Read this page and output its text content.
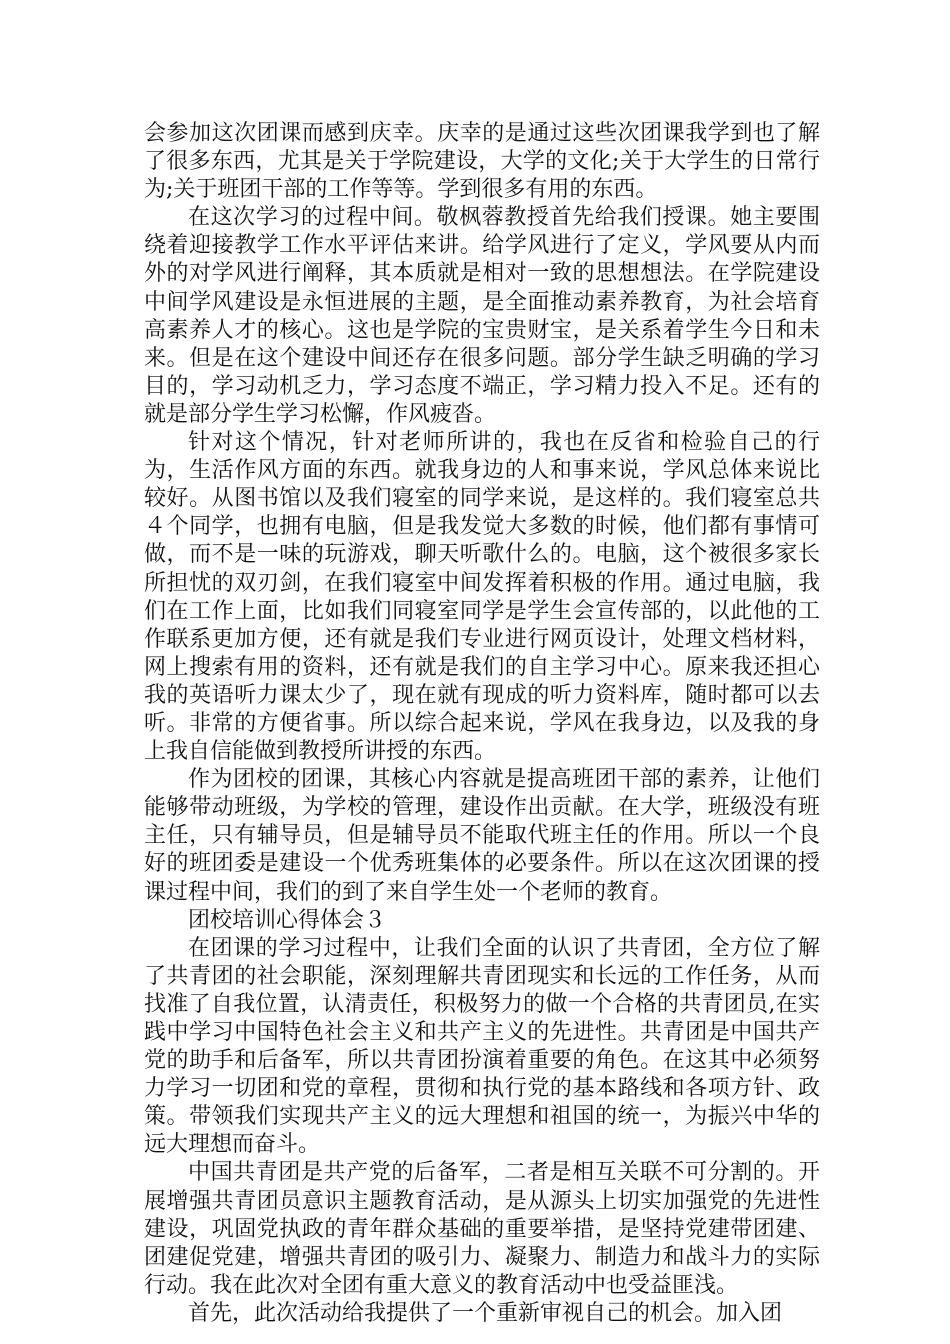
会参加这次团课而感到庆幸。庆幸的是通过这些次团课我学到也了解了很多东西，尤其是关于学院建设，大学的文化;关于大学生的日常行为;关于班团干部的工作等等。学到很多有用的东西。

在这次学习的过程中间。敬枫蓉教授首先给我们授课。她主要围绕着迎接教学工作水平评估来讲。给学风进行了定义，学风要从内而外的对学风进行阐释，其本质就是相对一致的思想想法。在学院建设中间学风建设是永恒进展的主题，是全面推动素养教育，为社会培育高素养人才的核心。这也是学院的宝贵财宝，是关系着学生今日和未来。但是在这个建设中间还存在很多问题。部分学生缺乏明确的学习目的，学习动机乏力，学习态度不端正，学习精力投入不足。还有的就是部分学生学习松懈，作风疲沓。

针对这个情况，针对老师所讲的，我也在反省和检验自己的行为，生活作风方面的东西。就我身边的人和事来说，学风总体来说比较好。从图书馆以及我们寝室的同学来说，是这样的。我们寝室总共４个同学，也拥有电脑，但是我发觉大多数的时候，他们都有事情可做，而不是一味的玩游戏，聊天听歌什么的。电脑，这个被很多家长所担忧的双刃剑，在我们寝室中间发挥着积极的作用。通过电脑，我们在工作上面，比如我们同寝室同学是学生会宣传部的，以此他的工作联系更加方便，还有就是我们专业进行网页设计，处理文档材料，网上搜索有用的资料，还有就是我们的自主学习中心。原来我还担心我的英语听力课太少了，现在就有现成的听力资料库，随时都可以去听。非常的方便省事。所以综合起来说，学风在我身边，以及我的身上我自信能做到教授所讲授的东西。

作为团校的团课，其核心内容就是提高班团干部的素养，让他们能够带动班级，为学校的管理，建设作出贡献。在大学，班级没有班主任，只有辅导员，但是辅导员不能取代班主任的作用。所以一个良好的班团委是建设一个优秀班集体的必要条件。所以在这次团课的授课过程中间，我们的到了来自学生处一个老师的教育。

团校培训心得体会３

在团课的学习过程中，让我们全面的认识了共青团，全方位了解了共青团的社会职能，深刻理解共青团现实和长远的工作任务，从而找准了自我位置，认清责任，积极努力的做一个合格的共青团员,在实践中学习中国特色社会主义和共产主义的先进性。共青团是中国共产党的助手和后备军，所以共青团扮演着重要的角色。在这其中必须努力学习一切团和党的章程，贯彻和执行党的基本路线和各项方针、政策。带领我们实现共产主义的远大理想和祖国的统一，为振兴中华的远大理想而奋斗。

中国共青团是共产党的后备军，二者是相互关联不可分割的。开展增强共青团员意识主题教育活动，是从源头上切实加强党的先进性建设，巩固党执政的青年群众基础的重要举措，是坚持党建带团建、团建促党建，增强共青团的吸引力、凝聚力、制造力和战斗力的实际行动。我在此次对全团有重大意义的教育活动中也受益匪浅。

首先，此次活动给我提供了一个重新审视自己的机会。加入团
